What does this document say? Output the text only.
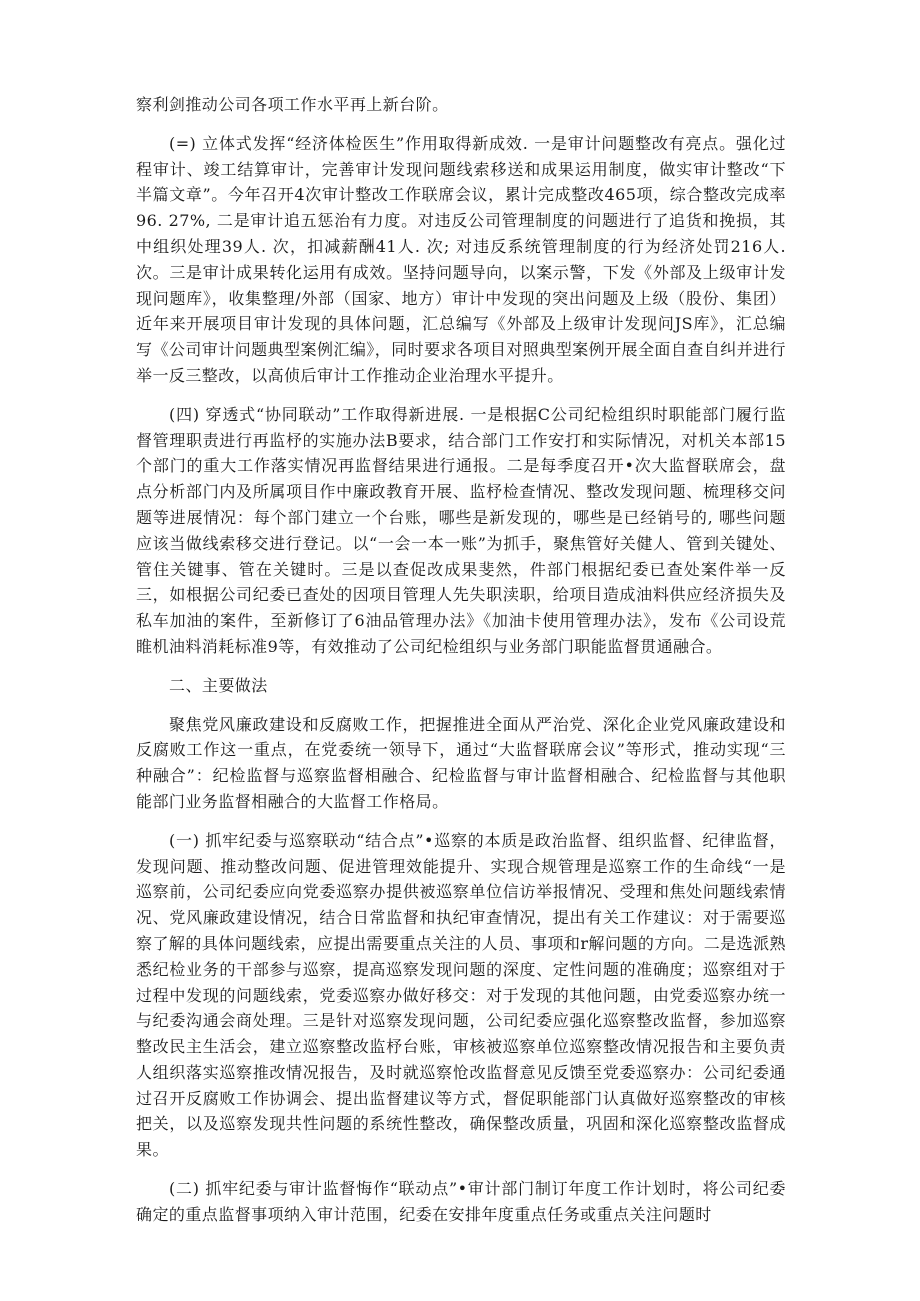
察利剑推动公司各项工作水平再上新台阶。

(=) 立体式发挥“经济体检医生”作用取得新成效. 一是审计问题整改有亮点。强化过程审计、竣工结算审计，完善审计发现问题线索移送和成果运用制度，做实审计整改“下半篇文章”。今年召开4次审计整改工作联席会议，累计完成整改465项，综合整改完成率96. 27%, 二是审计追五惩治有力度。对违反公司管理制度的问题进行了追货和挽损，其中组织处理39人. 次，扣减薪酬41人. 次; 对违反系统管理制度的行为经济处罚216人. 次。三是审计成果转化运用有成效。坚持问题导向，以案示警，下发《外部及上级审计发现问题库》，收集整理/外部（国家、地方）审计中发现的突出问题及上级（股份、集团）近年来开展项目审计发现的具体问题，汇总编写《外部及上级审计发现问JS库》，汇总编写《公司审计问题典型案例汇编》，同时要求各项目对照典型案例开展全面自查自纠并进行举一反三整改，以高侦后审计工作推动企业治理水平提升。

(四) 穿透式“协同联动”工作取得新进展. 一是根据C公司纪检组织时职能部门履行监督管理职责进行再监杼的实施办法B要求，结合部门工作安打和实际情况，对机关本部15个部门的重大工作落实情况再监督结果进行通报。二是每季度召开•次大监督联席会，盘点分析部门内及所属项目作中廉政教育开展、监杼检查情况、整改发现问题、梳理移交问题等进展情况：每个部门建立一个台账，哪些是新发现的，哪些是已经销号的, 哪些问题应该当做线索移交进行登记。以“一会一本一账”为抓手，聚焦管好关健人、管到关键处、管住关键事、管在关键时。三是以查促改成果斐然，件部门根据纪委已查处案件举一反三，如根据公司纪委已查处的因项目管理人先失职渎职，给项目造成油料供应经济损失及私车加油的案件，至新修订了6油品管理办法》《加油卡使用管理办法》，发布《公司设荒睢机油料消耗标准9等，有效推动了公司纪检组织与业务部门职能监督贯通融合。

二、主要做法

聚焦党风廉政建设和反腐败工作，把握推进全面从严治党、深化企业党风廉政建设和反腐败工作这一重点，在党委统一领导下，通过“大监督联席会议”等形式，推动实现“三种融合”：纪检监督与巡察监督相融合、纪检监督与审计监督相融合、纪检监督与其他职能部门业务监督相融合的大监督工作格局。

(一) 抓牢纪委与巡察联动“结合点”•巡察的本质是政治监督、组织监督、纪律监督，发现问题、推动整改问题、促进管理效能提升、实现合规管理是巡察工作的生命线“一是巡察前，公司纪委应向党委巡察办提供被巡察单位信访举报情况、受理和焦处问题线索情况、党风廉政建设情况，结合日常监督和执纪审查情况，提出有关工作建议：对于需要巡察了解的具体问题线索，应提出需要重点关注的人员、事项和r解问题的方向。二是选派熟悉纪检业务的干部参与巡察，提高巡察发现问题的深度、定性问题的准确度；巡察组对于过程中发现的问题线索，党委巡察办做好移交：对于发现的其他问题，由党委巡察办统一与纪委沟通会商处理。三是针对巡察发现问题，公司纪委应强化巡察整改监督，参加巡察整改民主生活会，建立巡察整改监杼台账，审核被巡察单位巡察整改情况报告和主要负责人组织落实巡察推改情况报告，及时就巡察怆改监督意见反馈至党委巡察办：公司纪委通过召开反腐败工作协调会、提出监督建议等方式，督促职能部门认真做好巡察整改的审核把关，以及巡察发现共性问题的系统性整改，确保整改质量，巩固和深化巡察整改监督成果。

(二) 抓牢纪委与审计监督悔作“联动点”•审计部门制订年度工作计划时，将公司纪委确定的重点监督事项纳入审计范围，纪委在安排年度重点任务或重点关注问题时
